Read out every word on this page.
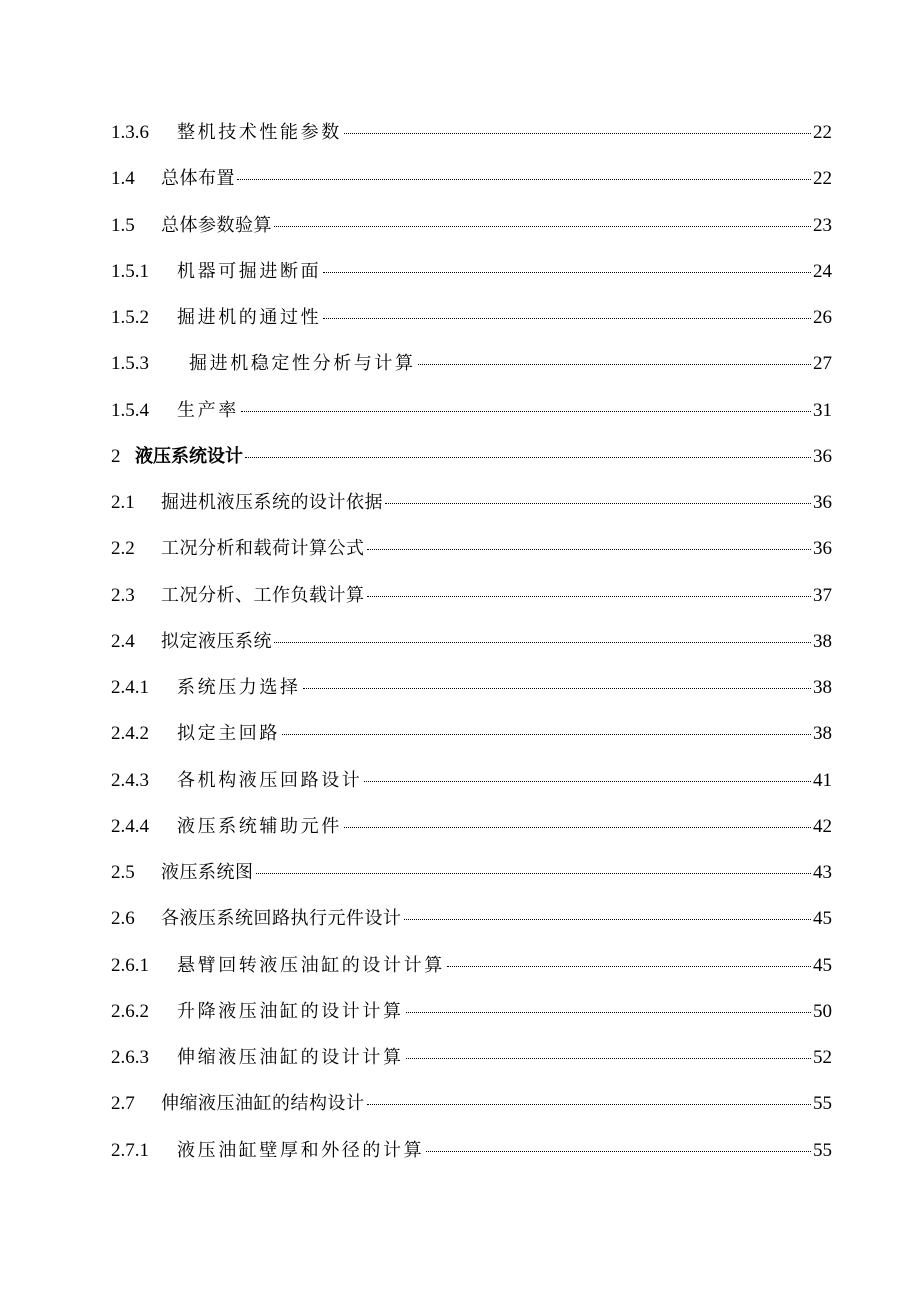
1.3.6	整机技术性能参数	22
1.4 总体布置	22
1.5 总体参数验算	23
1.5.1	机器可掘进断面	24
1.5.2	掘进机的通过性	26
1.5.3	掘进机稳定性分析与计算	27
1.5.4	生产率	31
2 液压系统设计	36
2.1 掘进机液压系统的设计依据	36
2.2 工况分析和载荷计算公式	36
2.3 工况分析、工作负载计算	37
2.4 拟定液压系统	38
2.4.1	系统压力选择	38
2.4.2	拟定主回路	38
2.4.3	各机构液压回路设计	41
2.4.4	液压系统辅助元件	42
2.5 液压系统图	43
2.6 各液压系统回路执行元件设计	45
2.6.1	悬臂回转液压油缸的设计计算	45
2.6.2	升降液压油缸的设计计算	50
2.6.3	伸缩液压油缸的设计计算	52
2.7 伸缩液压油缸的结构设计	55
2.7.1	液压油缸壁厚和外径的计算	55
